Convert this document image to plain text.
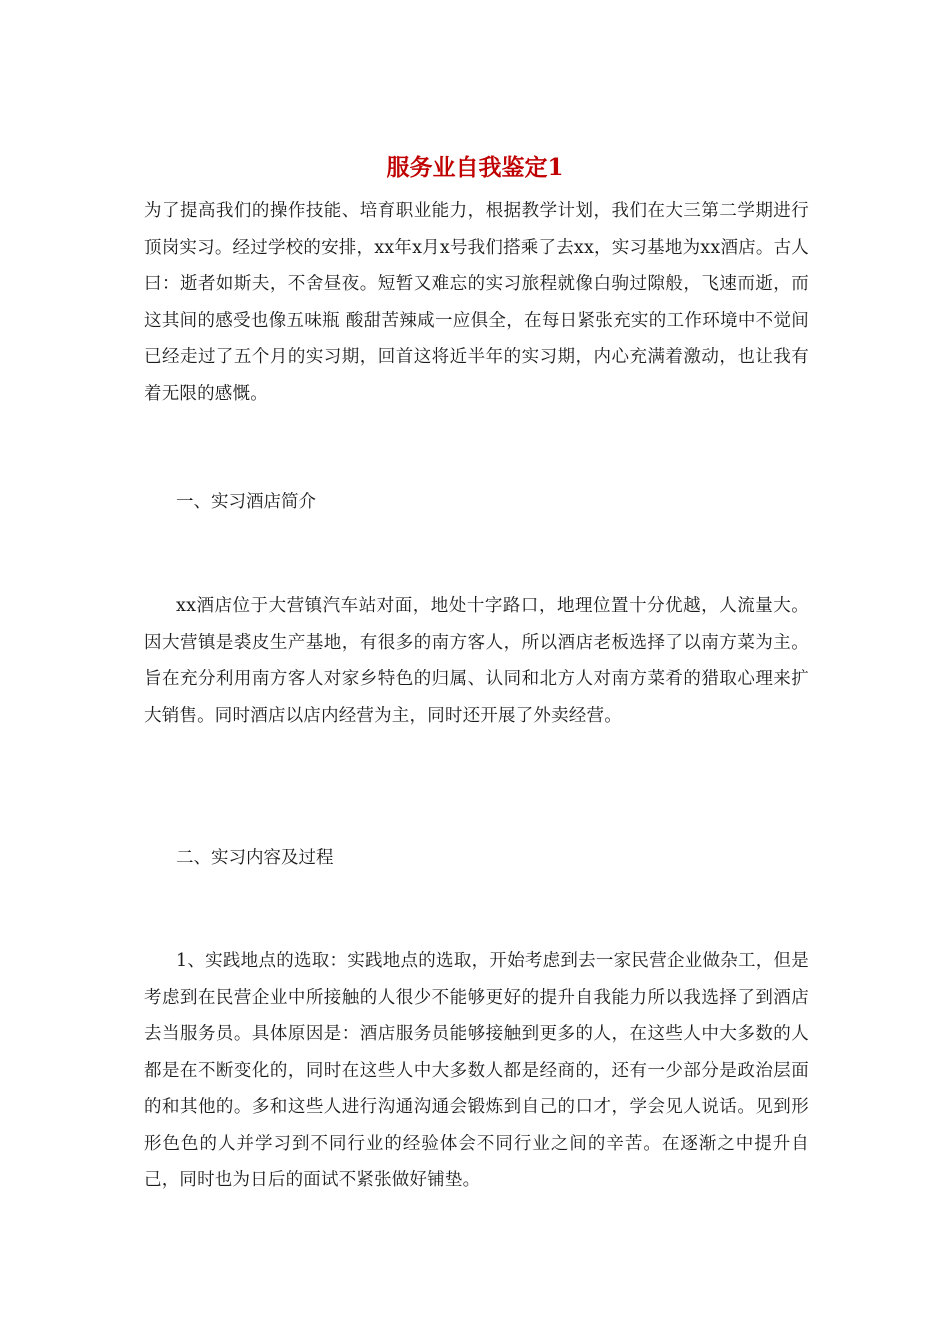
服务业自我鉴定1

为了提高我们的操作技能、培育职业能力，根据教学计划，我们在大三第二学期进行顶岗实习。经过学校的安排，xx年x月x号我们搭乘了去xx，实习基地为xx酒店。古人曰：逝者如斯夫，不舍昼夜。短暂又难忘的实习旅程就像白驹过隙般，飞速而逝，而这其间的感受也像五味瓶 酸甜苦辣咸一应俱全，在每日紧张充实的工作环境中不觉间已经走过了五个月的实习期，回首这将近半年的实习期，内心充满着激动，也让我有着无限的感慨。

一、实习酒店简介

xx酒店位于大营镇汽车站对面，地处十字路口，地理位置十分优越，人流量大。因大营镇是裘皮生产基地，有很多的南方客人，所以酒店老板选择了以南方菜为主。旨在充分利用南方客人对家乡特色的归属、认同和北方人对南方菜肴的猎取心理来扩大销售。同时酒店以店内经营为主，同时还开展了外卖经营。

二、实习内容及过程

1、实践地点的选取：实践地点的选取，开始考虑到去一家民营企业做杂工，但是考虑到在民营企业中所接触的人很少不能够更好的提升自我能力所以我选择了到酒店去当服务员。具体原因是：酒店服务员能够接触到更多的人，在这些人中大多数的人都是在不断变化的，同时在这些人中大多数人都是经商的，还有一少部分是政治层面的和其他的。多和这些人进行沟通沟通会锻炼到自己的口才，学会见人说话。见到形形色色的人并学习到不同行业的经验体会不同行业之间的辛苦。在逐渐之中提升自己，同时也为日后的面试不紧张做好铺垫。
